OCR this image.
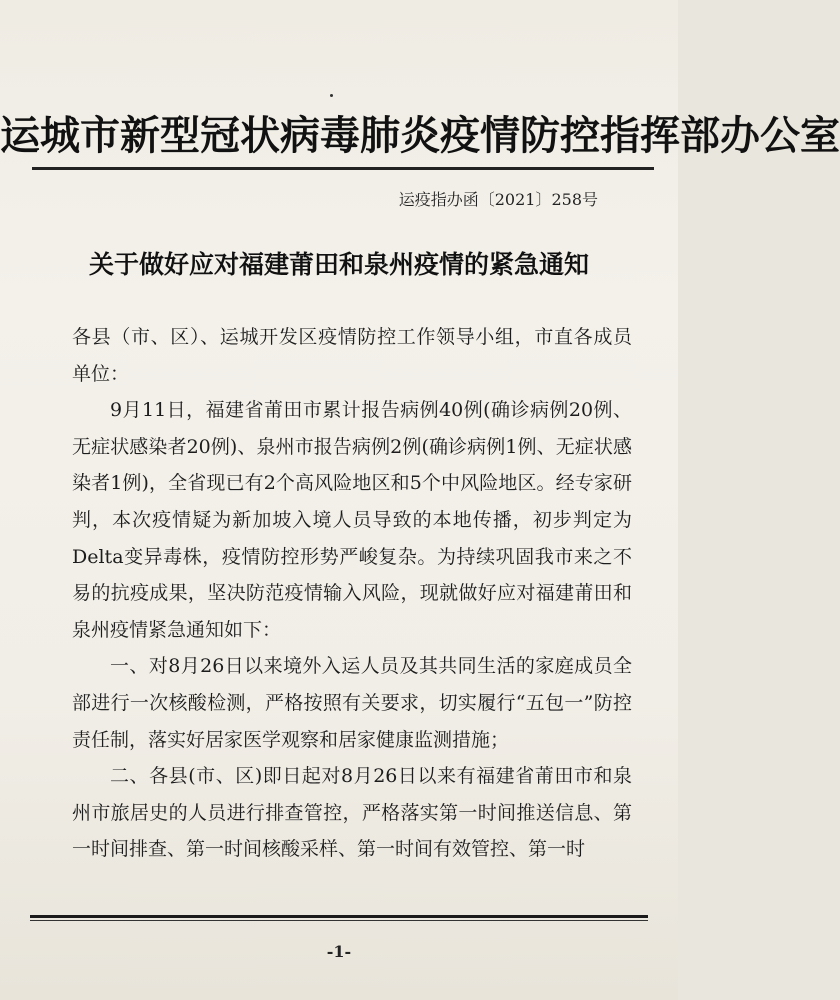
运城市新型冠状病毒肺炎疫情防控指挥部办公室
运疫指办函〔2021〕258号
关于做好应对福建莆田和泉州疫情的紧急通知

各县（市、区）、运城开发区疫情防控工作领导小组，市直各成员单位：

9月11日，福建省莆田市累计报告病例40例(确诊病例20例、无症状感染者20例)、泉州市报告病例2例(确诊病例1例、无症状感染者1例)，全省现已有2个高风险地区和5个中风险地区。经专家研判，本次疫情疑为新加坡入境人员导致的本地传播，初步判定为Delta变异毒株，疫情防控形势严峻复杂。为持续巩固我市来之不易的抗疫成果，坚决防范疫情输入风险，现就做好应对福建莆田和泉州疫情紧急通知如下：

一、对8月26日以来境外入运人员及其共同生活的家庭成员全部进行一次核酸检测，严格按照有关要求，切实履行“五包一”防控责任制，落实好居家医学观察和居家健康监测措施；

二、各县(市、区)即日起对8月26日以来有福建省莆田市和泉州市旅居史的人员进行排查管控，严格落实第一时间推送信息、第一时间排查、第一时间核酸采样、第一时间有效管控、第一时

-1-
